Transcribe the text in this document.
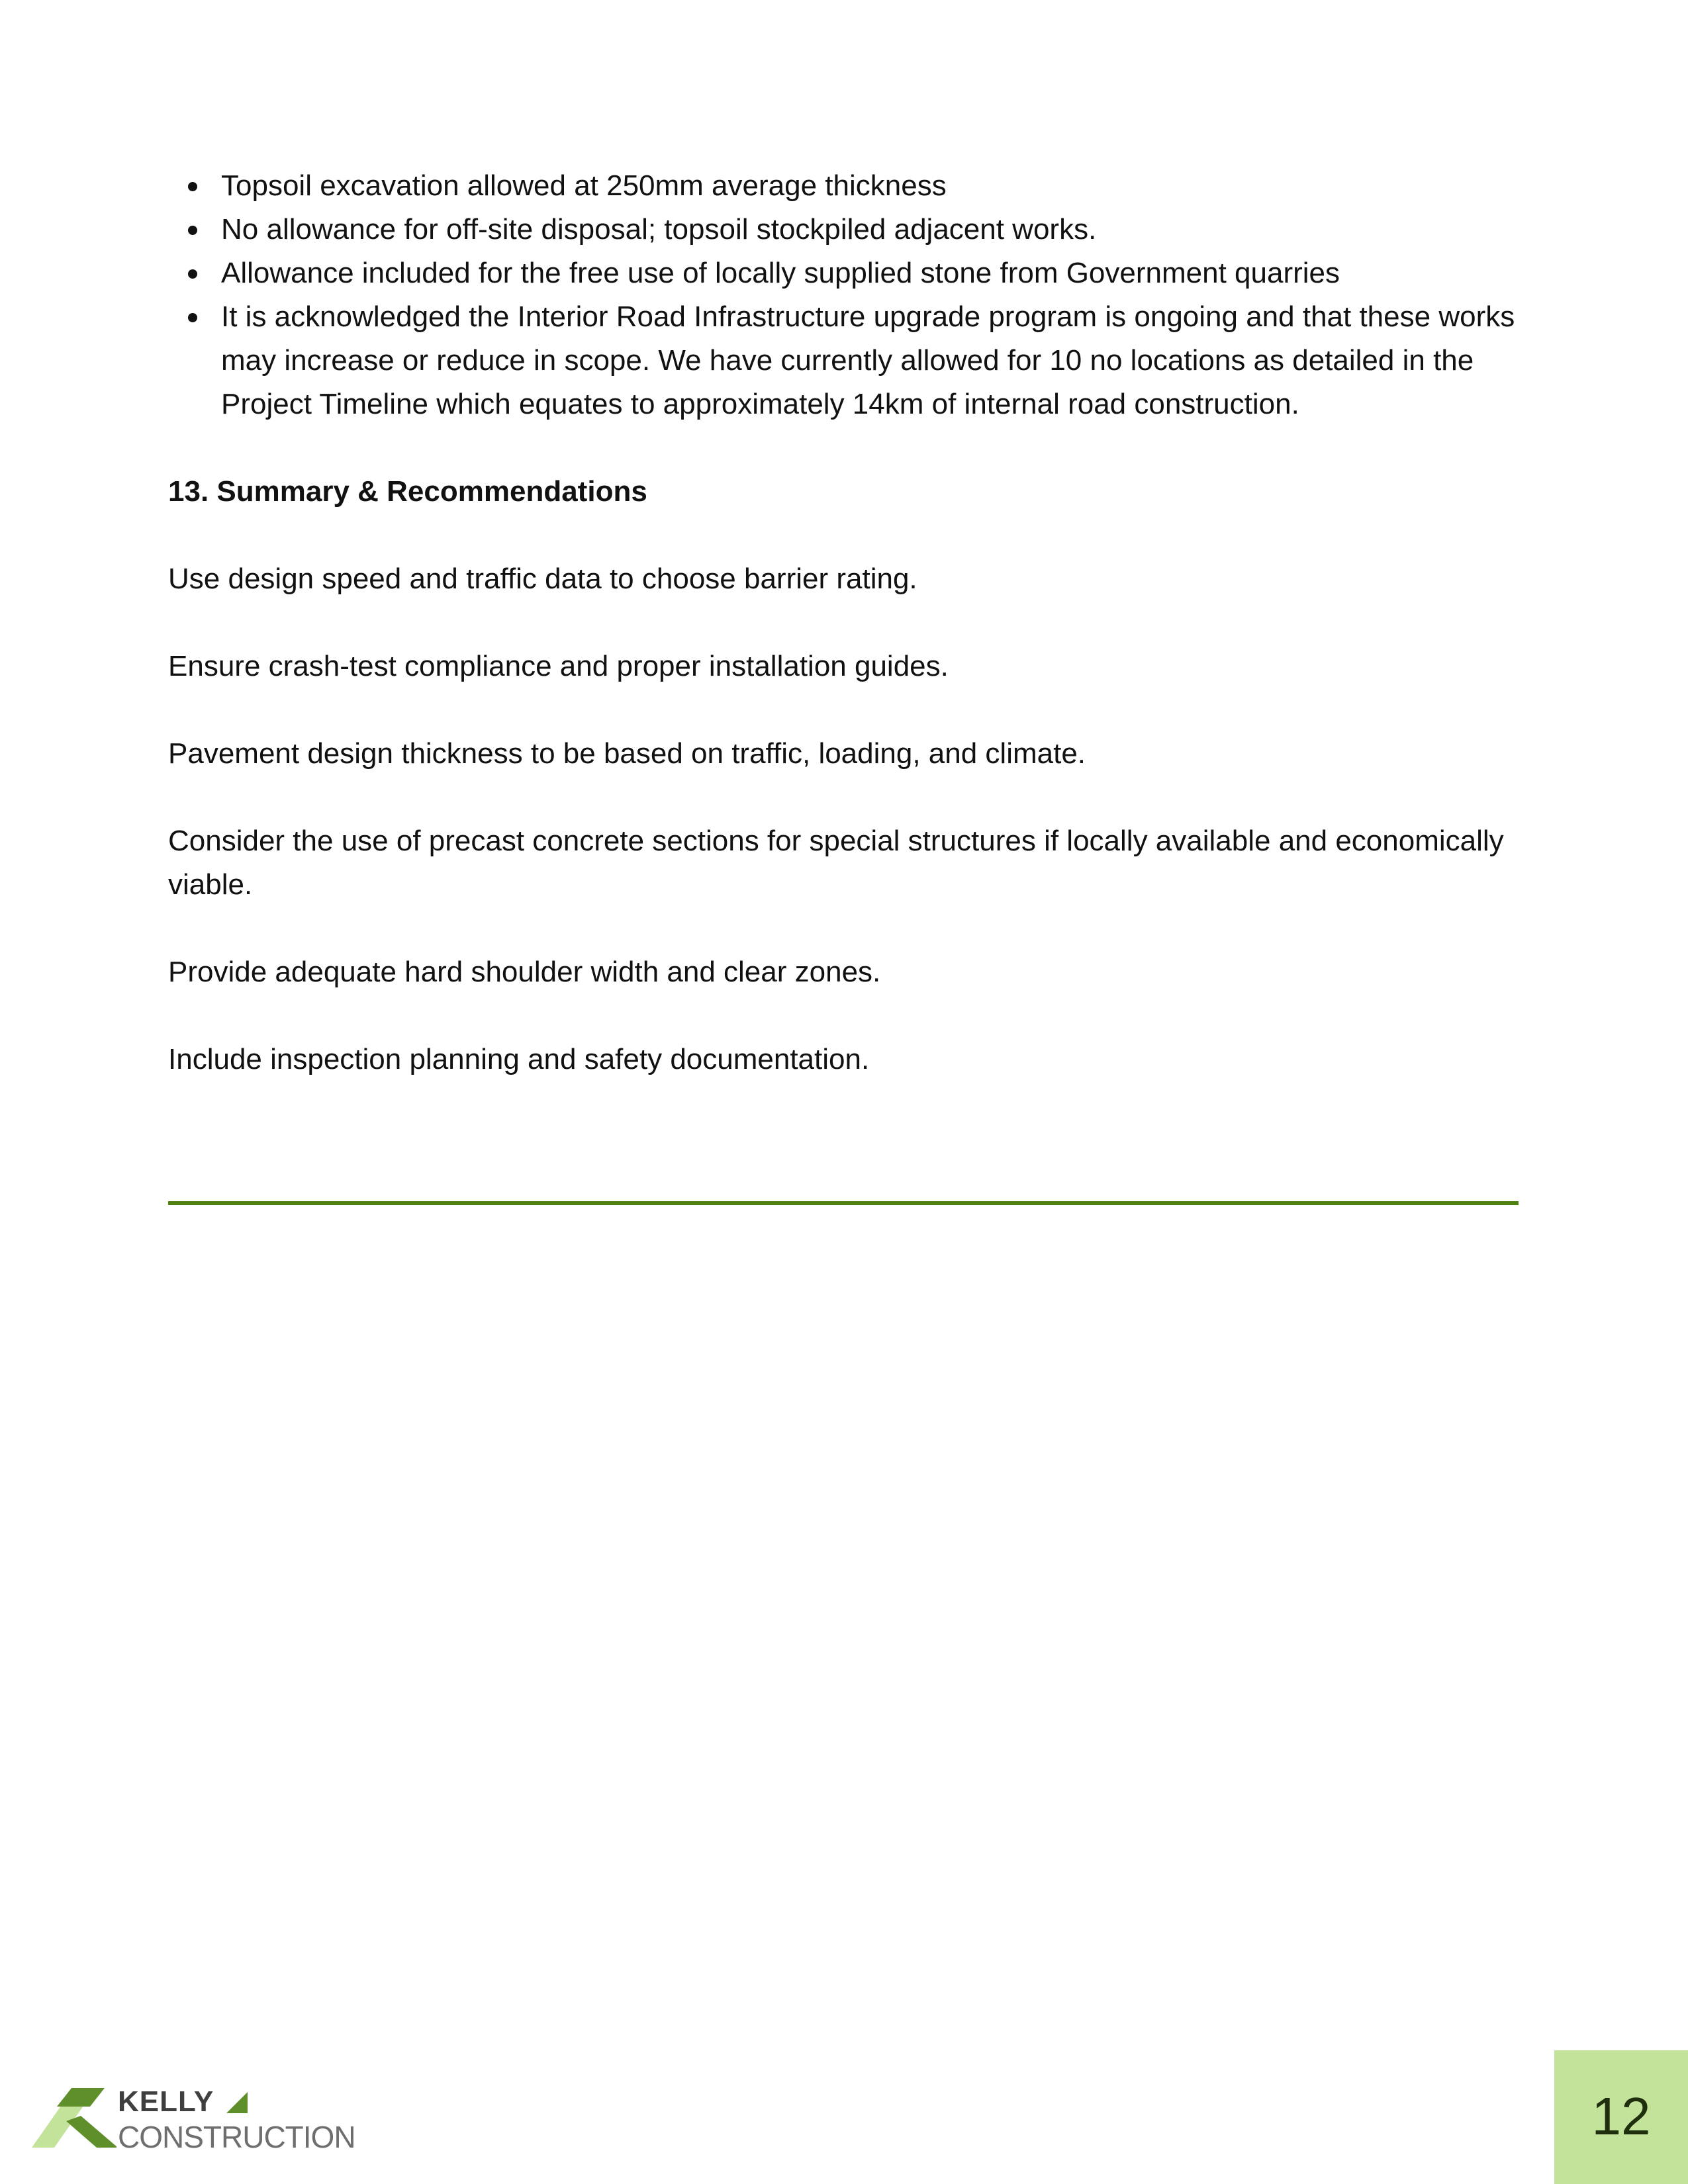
Topsoil excavation allowed at 250mm average thickness
No allowance for off-site disposal; topsoil stockpiled adjacent works.
Allowance included for the free use of locally supplied stone from Government quarries
It is acknowledged the Interior Road Infrastructure upgrade program is ongoing and that these works may increase or reduce in scope. We have currently allowed for 10 no locations as detailed in the Project Timeline which equates to approximately 14km of internal road construction.
13. Summary & Recommendations

Use design speed and traffic data to choose barrier rating.

Ensure crash-test compliance and proper installation guides.

Pavement design thickness to be based on traffic, loading, and climate.

Consider the use of precast concrete sections for special structures if locally available and economically viable.

Provide adequate hard shoulder width and clear zones.

Include inspection planning and safety documentation.

KELLY
CONSTRUCTION	12
